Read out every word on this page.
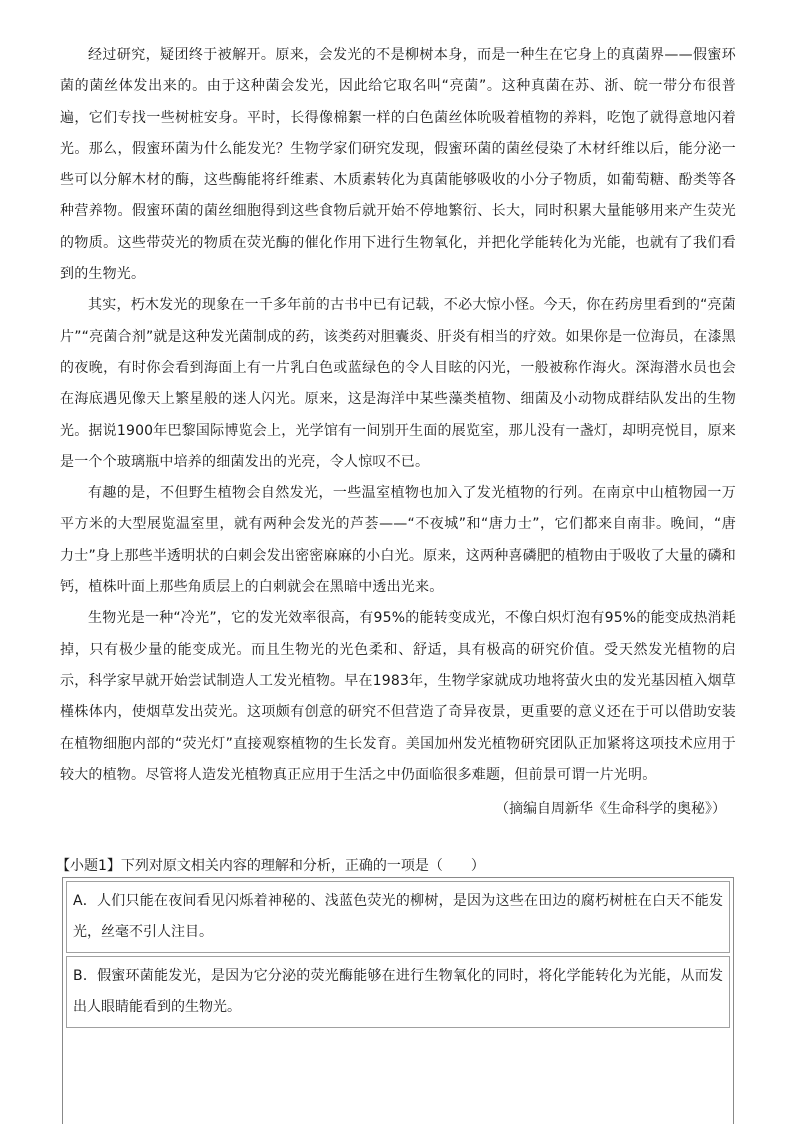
经过研究，疑团终于被解开。原来，会发光的不是柳树本身，而是一种生在它身上的真菌界——假蜜环菌的菌丝体发出来的。由于这种菌会发光，因此给它取名叫“亮菌”。这种真菌在苏、浙、皖一带分布很普遍，它们专找一些树桩安身。平时，长得像棉絮一样的白色菌丝体吮吸着植物的养料，吃饱了就得意地闪着光。那么，假蜜环菌为什么能发光？生物学家们研究发现，假蜜环菌的菌丝侵染了木材纤维以后，能分泌一些可以分解木材的酶，这些酶能将纤维素、木质素转化为真菌能够吸收的小分子物质，如葡萄糖、酚类等各种营养物。假蜜环菌的菌丝细胞得到这些食物后就开始不停地繁衍、长大，同时积累大量能够用来产生荧光的物质。这些带荧光的物质在荧光酶的催化作用下进行生物氧化，并把化学能转化为光能，也就有了我们看到的生物光。

其实，朽木发光的现象在一千多年前的古书中已有记载，不必大惊小怪。今天，你在药房里看到的“亮菌片”“亮菌合剂”就是这种发光菌制成的药，该类药对胆囊炎、肝炎有相当的疗效。如果你是一位海员，在漆黑的夜晚，有时你会看到海面上有一片乳白色或蓝绿色的令人目眩的闪光，一般被称作海火。深海潜水员也会在海底遇见像天上繁星般的迷人闪光。原来，这是海洋中某些藻类植物、细菌及小动物成群结队发出的生物光。据说1900年巴黎国际博览会上，光学馆有一间别开生面的展览室，那儿没有一盏灯，却明亮悦目，原来是一个个玻璃瓶中培养的细菌发出的光亮，令人惊叹不已。

有趣的是，不但野生植物会自然发光，一些温室植物也加入了发光植物的行列。在南京中山植物园一万平方米的大型展览温室里，就有两种会发光的芦荟——“不夜城”和“唐力士”，它们都来自南非。晚间，“唐力士”身上那些半透明状的白刺会发出密密麻麻的小白光。原来，这两种喜磷肥的植物由于吸收了大量的磷和钙，植株叶面上那些角质层上的白刺就会在黑暗中透出光来。

生物光是一种“冷光”，它的发光效率很高，有95%的能转变成光，不像白炽灯泡有95%的能变成热消耗掉，只有极少量的能变成光。而且生物光的光色柔和、舒适，具有极高的研究价值。受天然发光植物的启示，科学家早就开始尝试制造人工发光植物。早在1983年，生物学家就成功地将萤火虫的发光基因植入烟草槿株体内，使烟草发出荧光。这项颇有创意的研究不但营造了奇异夜景，更重要的意义还在于可以借助安装在植物细胞内部的“荧光灯”直接观察植物的生长发育。美国加州发光植物研究团队正加紧将这项技术应用于较大的植物。尽管将人造发光植物真正应用于生活之中仍面临很多难题，但前景可谓一片光明。

（摘编自周新华《生命科学的奥秘》）

【小题1】下列对原文相关内容的理解和分析，正确的一项是（　　）

A．人们只能在夜间看见闪烁着神秘的、浅蓝色荧光的柳树，是因为这些在田边的腐朽树桩在白天不能发光，丝毫不引人注目。
B．假蜜环菌能发光，是因为它分泌的荧光酶能够在进行生物氧化的同时，将化学能转化为光能，从而发出人眼睛能看到的生物光。
